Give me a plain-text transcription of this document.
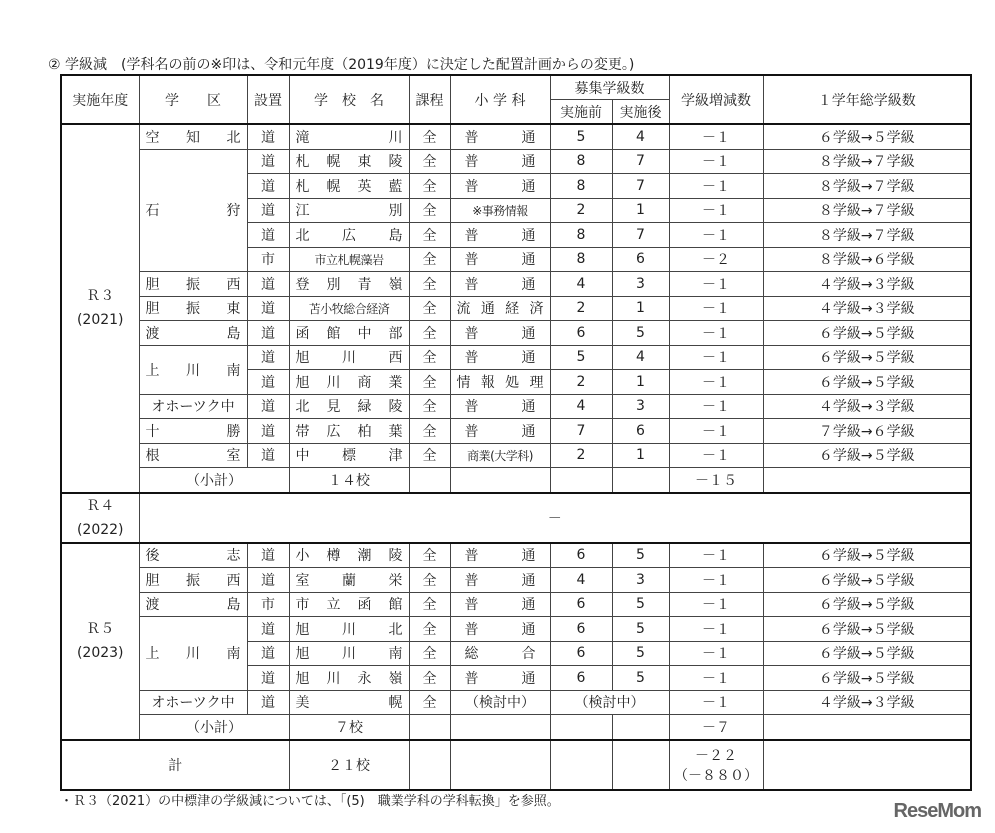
② 学級減　(学科名の前の※印は、令和元年度（2019年度）に決定した配置計画からの変更。)
実施年度	学　　区	設置	学　校　名	課程	小 学 科	募集学級数		学級増減数	１学年総学級数
						実施前	実施後		

Ｒ３
(2021)	空知北	道	滝川	全	普通	5	4	－１	６学級→５学級
	石狩	道	札幌東陵	全	普通	8	7	－１	８学級→７学級
		道	札幌英藍	全	普通	8	7	－１	８学級→７学級
		道	江別	全	※事務情報	2	1	－１	８学級→７学級
		道	北広島	全	普通	8	7	－１	８学級→７学級
		市	市立札幌藻岩	全	普通	8	6	－２	８学級→６学級
	胆振西	道	登別青嶺	全	普通	4	3	－１	４学級→３学級
	胆振東	道	苫小牧総合経済	全	流通経済	2	1	－１	４学級→３学級
	渡島	道	函館中部	全	普通	6	5	－１	６学級→５学級
	上川南	道	旭川西	全	普通	5	4	－１	６学級→５学級
		道	旭川商業	全	情報処理	2	1	－１	６学級→５学級
	オホーツク中	道	北見緑陵	全	普通	4	3	－１	４学級→３学級
	十勝	道	帯広柏葉	全	普通	7	6	－１	７学級→６学級
	根室	道	中標津	全	商業(大学科)	2	1	－１	６学級→５学級
	（小計）		１４校					－１５	

Ｒ４
(2022)	－								

Ｒ５
(2023)	後志	道	小樽潮陵	全	普通	6	5	－１	６学級→５学級
	胆振西	道	室蘭栄	全	普通	4	3	－１	６学級→５学級
	渡島	市	市立函館	全	普通	6	5	－１	６学級→５学級
	上川南	道	旭川北	全	普通	6	5	－１	６学級→５学級
		道	旭川南	全	総合	6	5	－１	６学級→５学級
		道	旭川永嶺	全	普通	6	5	－１	６学級→５学級
	オホーツク中	道	美幌	全	（検討中）	（検討中）		－１	４学級→３学級
	（小計）		７校					－７	
計			２１校					－２２
（－８８０）	

・Ｒ３（2021）の中標津の学級減については、「(5)　職業学科の学科転換」を参照。	ReseMom
